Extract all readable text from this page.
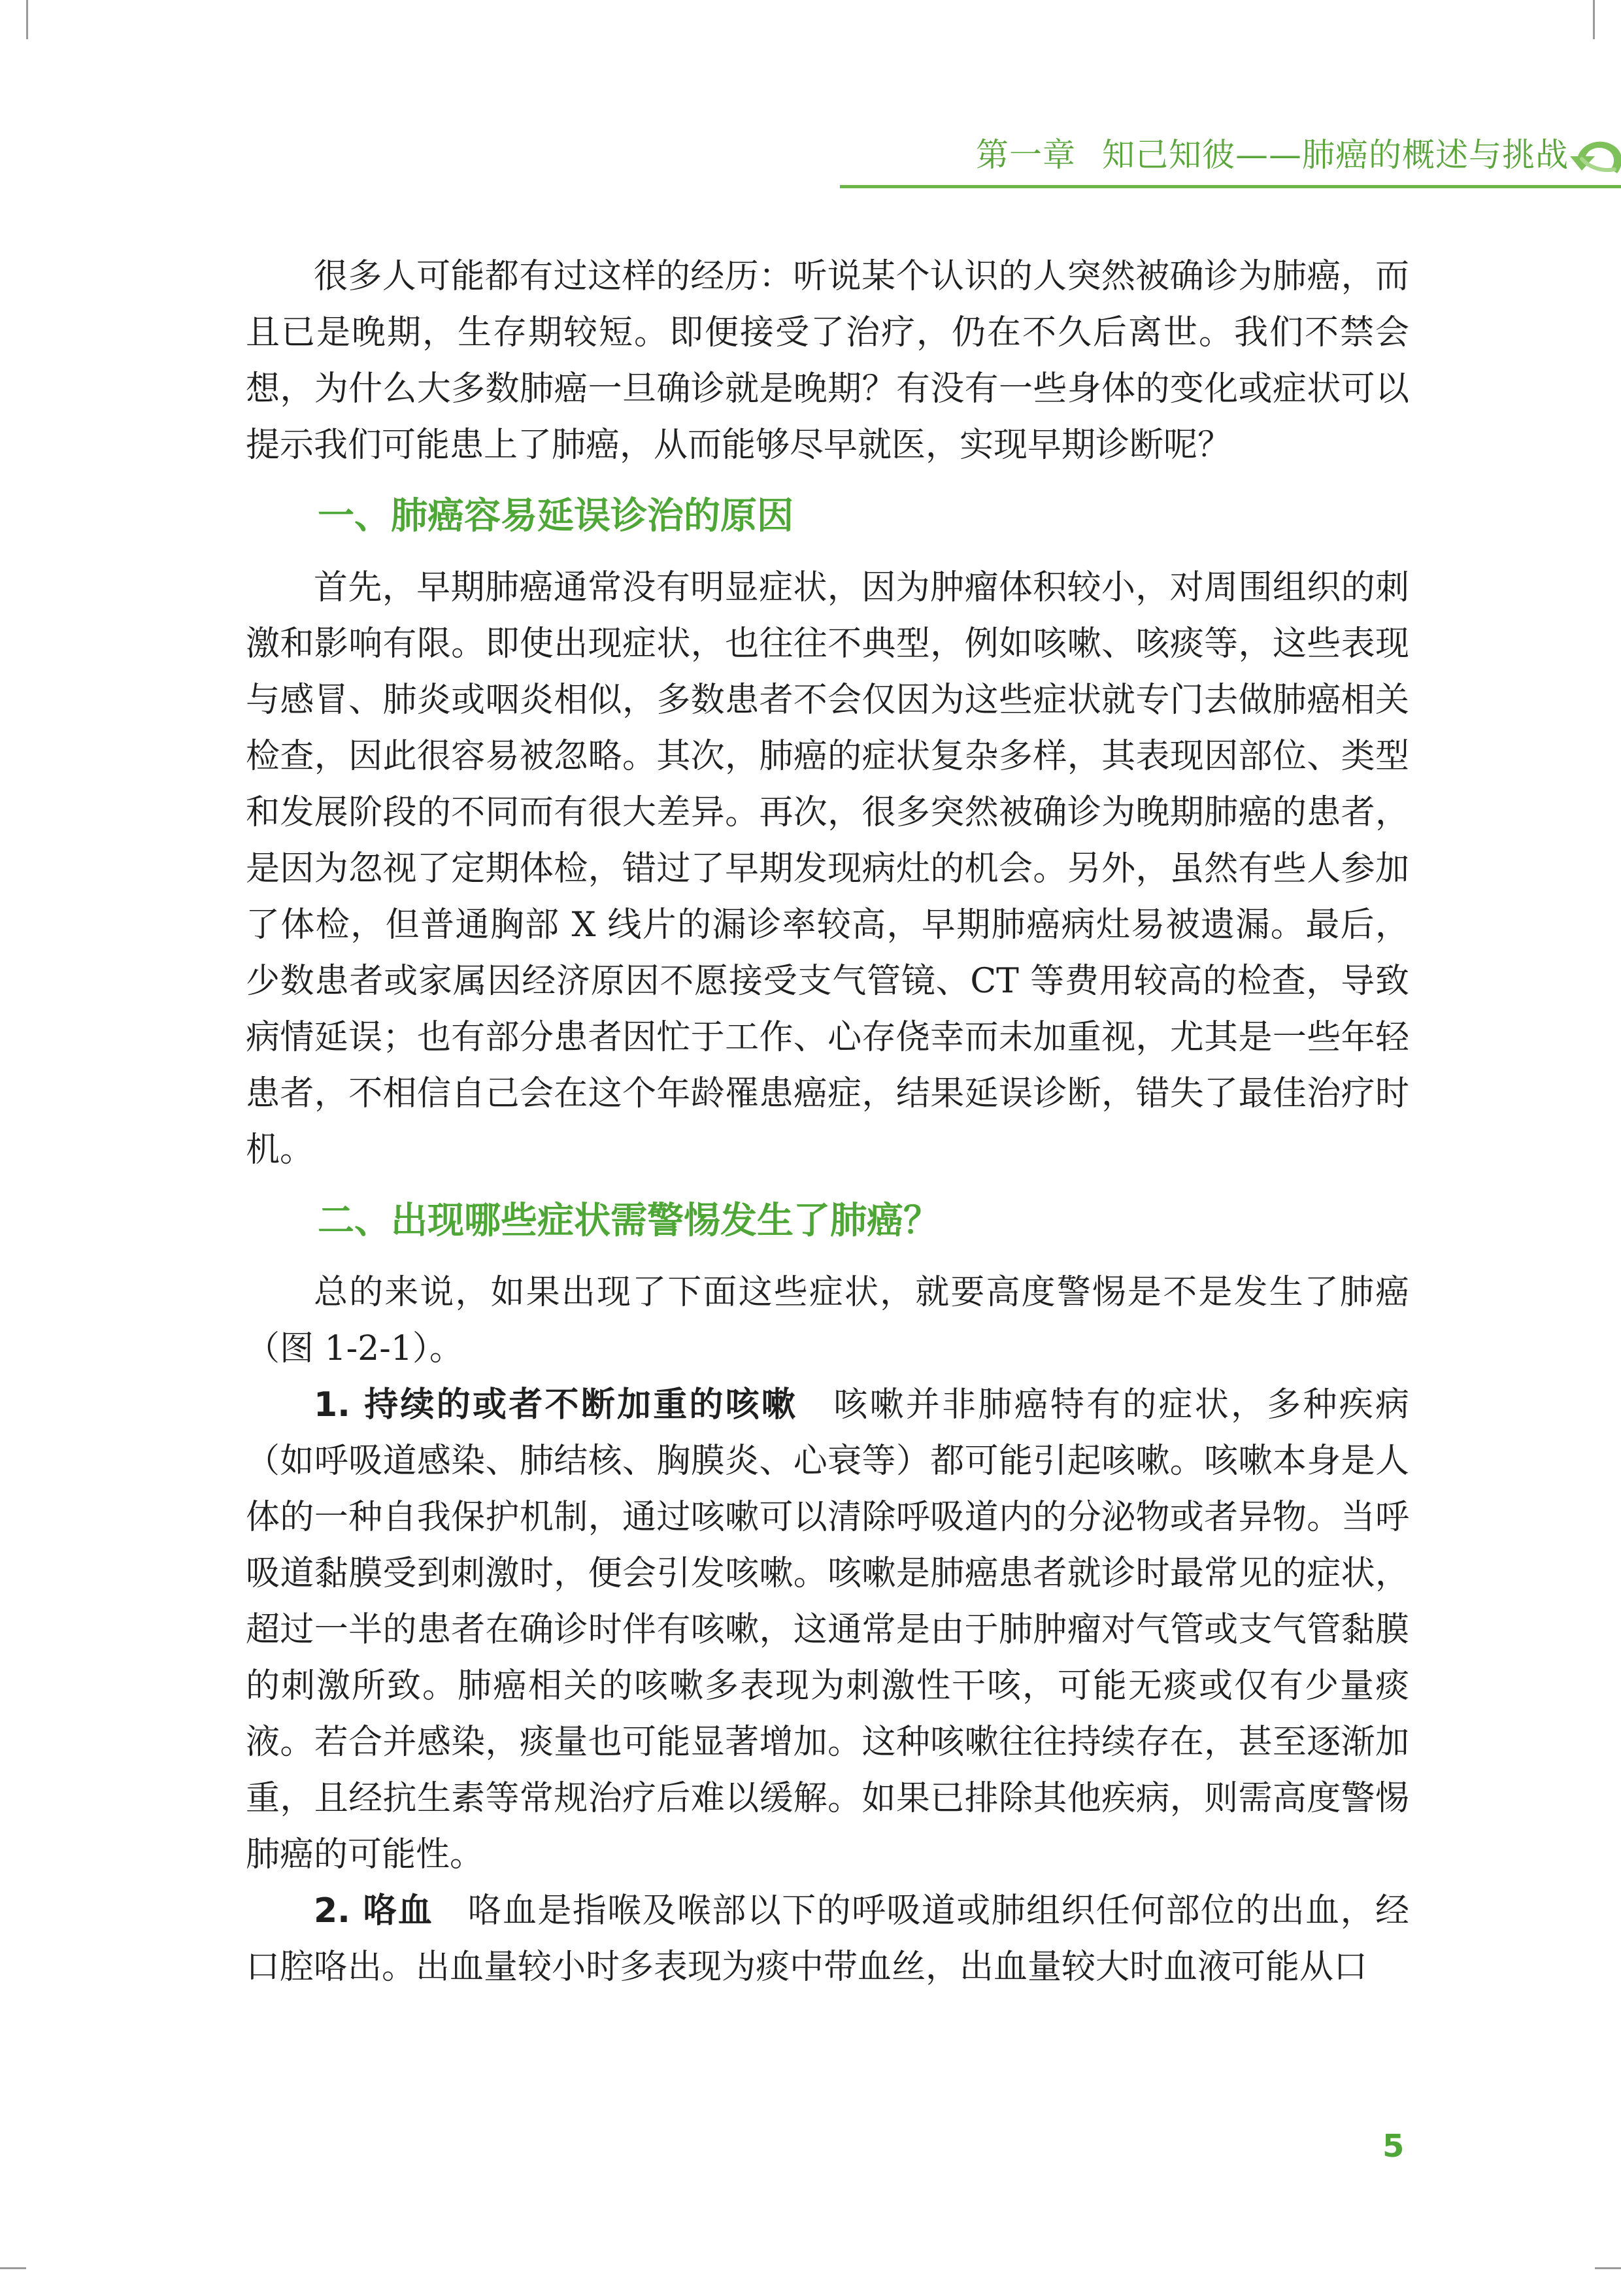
第一章 知己知彼——肺癌的概述与挑战

很多人可能都有过这样的经历：听说某个认识的人突然被确诊为肺癌，而且已是晚期，生存期较短。即便接受了治疗，仍在不久后离世。我们不禁会想，为什么大多数肺癌一旦确诊就是晚期？有没有一些身体的变化或症状可以提示我们可能患上了肺癌，从而能够尽早就医，实现早期诊断呢？

一、肺癌容易延误诊治的原因

首先，早期肺癌通常没有明显症状，因为肿瘤体积较小，对周围组织的刺激和影响有限。即使出现症状，也往往不典型，例如咳嗽、咳痰等，这些表现与感冒、肺炎或咽炎相似，多数患者不会仅因为这些症状就专门去做肺癌相关检查，因此很容易被忽略。其次，肺癌的症状复杂多样，其表现因部位、类型和发展阶段的不同而有很大差异。再次，很多突然被确诊为晚期肺癌的患者，是因为忽视了定期体检，错过了早期发现病灶的机会。另外，虽然有些人参加了体检，但普通胸部 X 线片的漏诊率较高，早期肺癌病灶易被遗漏。最后，少数患者或家属因经济原因不愿接受支气管镜、CT 等费用较高的检查，导致病情延误；也有部分患者因忙于工作、心存侥幸而未加重视，尤其是一些年轻患者，不相信自己会在这个年龄罹患癌症，结果延误诊断，错失了最佳治疗时机。

二、出现哪些症状需警惕发生了肺癌？

总的来说，如果出现了下面这些症状，就要高度警惕是不是发生了肺癌（图 1-2-1）。

1. 持续的或者不断加重的咳嗽　 咳嗽并非肺癌特有的症状，多种疾病（如呼吸道感染、肺结核、胸膜炎、心衰等）都可能引起咳嗽。咳嗽本身是人体的一种自我保护机制，通过咳嗽可以清除呼吸道内的分泌物或者异物。当呼吸道黏膜受到刺激时，便会引发咳嗽。咳嗽是肺癌患者就诊时最常见的症状，超过一半的患者在确诊时伴有咳嗽，这通常是由于肺肿瘤对气管或支气管黏膜的刺激所致。肺癌相关的咳嗽多表现为刺激性干咳，可能无痰或仅有少量痰液。若合并感染，痰量也可能显著增加。这种咳嗽往往持续存在，甚至逐渐加重，且经抗生素等常规治疗后难以缓解。如果已排除其他疾病，则需高度警惕肺癌的可能性。

2. 咯血　 咯血是指喉及喉部以下的呼吸道或肺组织任何部位的出血，经口腔咯出。出血量较小时多表现为痰中带血丝，出血量较大时血液可能从口

5
